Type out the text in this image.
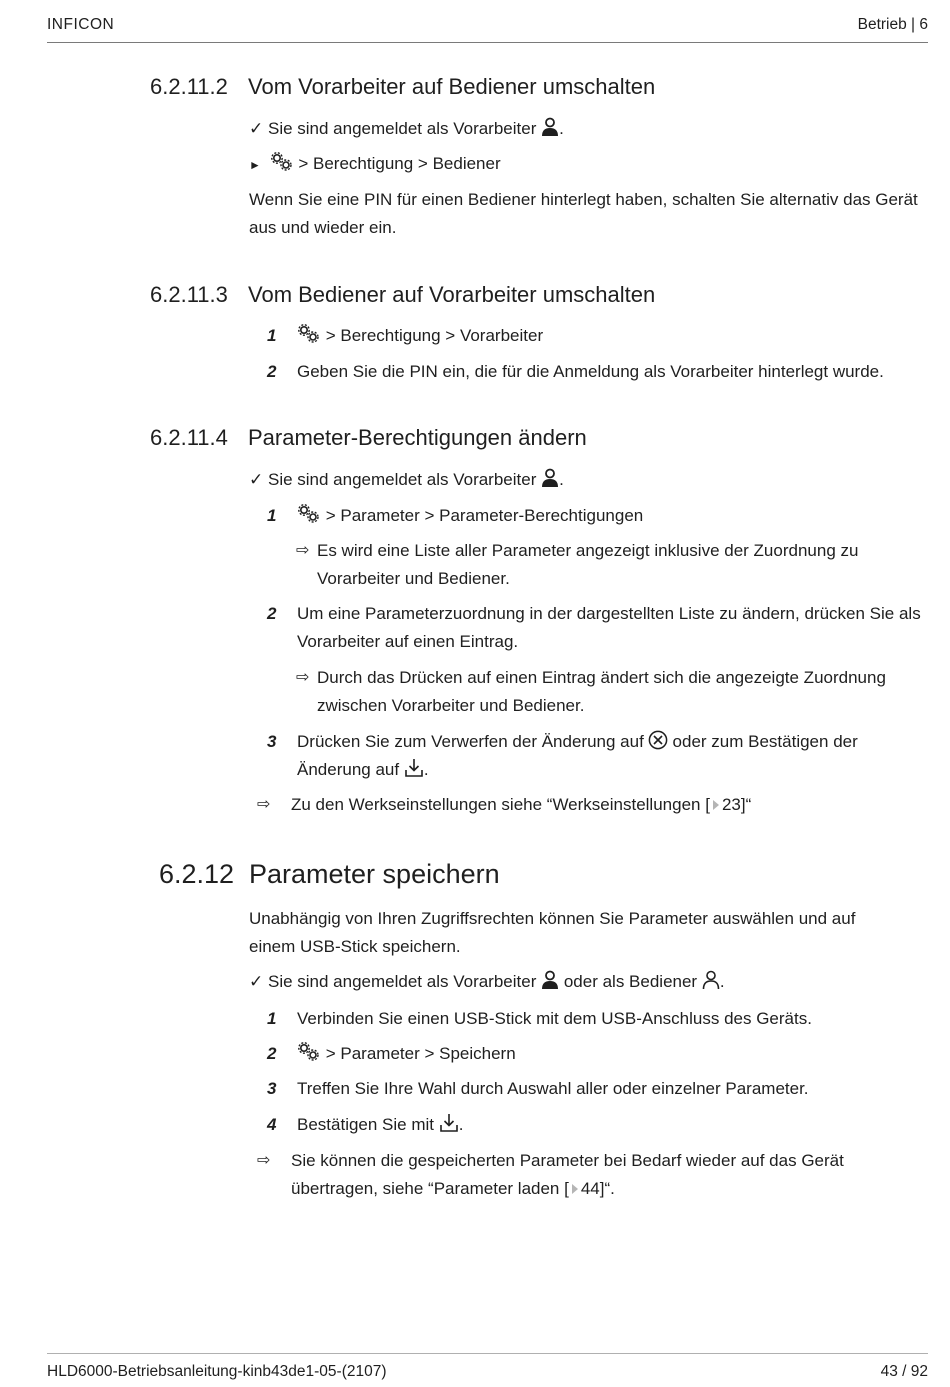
INFICON	Betrieb | 6
6.2.11.2 Vom Vorarbeiter auf Bediener umschalten
✓ Sie sind angemeldet als Vorarbeiter .
► > Berechtigung > Bediener
Wenn Sie eine PIN für einen Bediener hinterlegt haben, schalten Sie alternativ das Gerät aus und wieder ein.
6.2.11.3 Vom Bediener auf Vorarbeiter umschalten
1	> Berechtigung > Vorarbeiter
2 Geben Sie die PIN ein, die für die Anmeldung als Vorarbeiter hinterlegt wurde.
6.2.11.4 Parameter-Berechtigungen ändern
✓ Sie sind angemeldet als Vorarbeiter .
1	> Parameter > Parameter-Berechtigungen
⇨ Es wird eine Liste aller Parameter angezeigt inklusive der Zuordnung zu Vorarbeiter und Bediener.
2 Um eine Parameterzuordnung in der dargestellten Liste zu ändern, drücken Sie als Vorarbeiter auf einen Eintrag.
⇨ Durch das Drücken auf einen Eintrag ändert sich die angezeigte Zuordnung zwischen Vorarbeiter und Bediener.
3 Drücken Sie zum Verwerfen der Änderung auf oder zum Bestätigen der
Änderung auf .
⇨ Zu den Werkseinstellungen siehe “Werkseinstellungen [ 23]“
6.2.12 Parameter speichern
Unabhängig von Ihren Zugriffsrechten können Sie Parameter auswählen und auf einem USB-Stick speichern.
✓ Sie sind angemeldet als Vorarbeiter oder als Bediener .
1 Verbinden Sie einen USB-Stick mit dem USB-Anschluss des Geräts.
2	> Parameter > Speichern
3 Treffen Sie Ihre Wahl durch Auswahl aller oder einzelner Parameter.
4 Bestätigen Sie mit .
⇨ Sie können die gespeicherten Parameter bei Bedarf wieder auf das Gerät
übertragen, siehe “Parameter laden [ 44]“.
HLD6000-Betriebsanleitung-kinb43de1-05-(2107)	43 / 92
